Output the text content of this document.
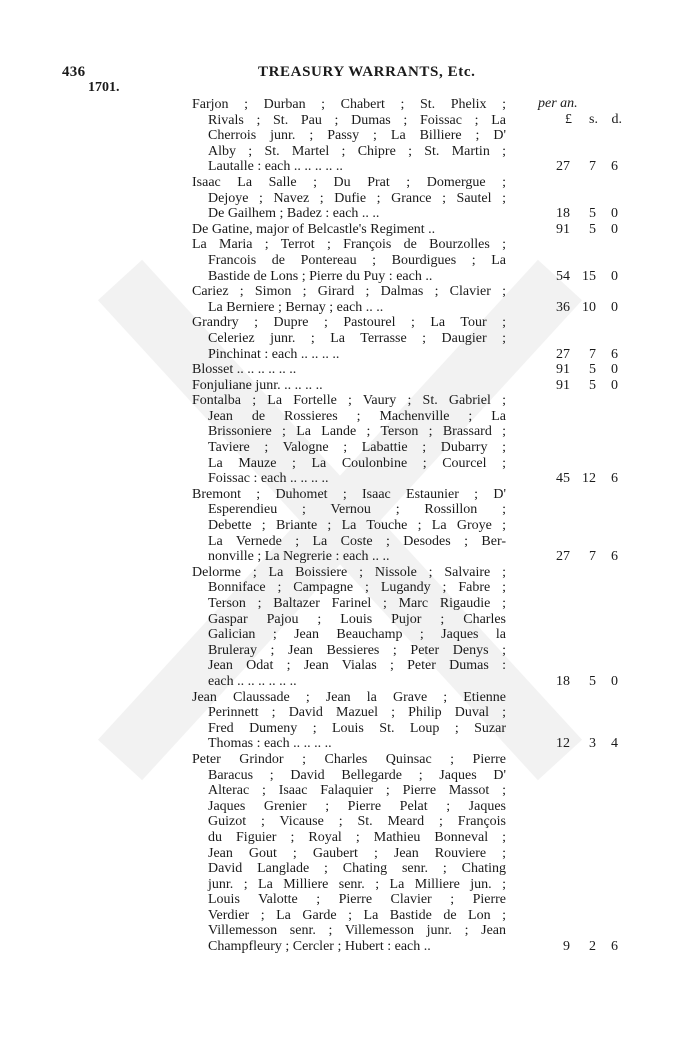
436	TREASURY WARRANTS, Etc.
1701.
per an.
£	s. d.
Farjon ; Durban ; Chabert ; St. Phelix ;
Rivals ; St. Pau ; Dumas ; Foissac ; La
Cherrois junr. ; Passy ; La Billiere ; D'
Alby ; St. Martel ; Chipre ; St. Martin ;
Lautalle : each .. .. .. .. ..	27	7	6
Isaac La Salle ; Du Prat ; Domergue ;
Dejoye ; Navez ; Dufie ; Grance ; Sautel ;
De Gailhem ; Badez : each .. ..	18	5	0
De Gatine, major of Belcastle's Regiment ..	91	5	0
La Maria ; Terrot ; François de Bourzolles ;
Francois de Pontereau ; Bourdigues ; La
Bastide de Lons ; Pierre du Puy : each ..	54 15	0
Cariez ; Simon ; Girard ; Dalmas ; Clavier ;
La Berniere ; Bernay ; each .. ..	36 10	0
Grandry ; Dupre ; Pastourel ; La Tour ;
Celeriez junr. ; La Terrasse ; Daugier ;
Pinchinat : each .. .. .. ..	27	7	6
Blosset .. .. .. .. .. ..	91	5	0
Fonjuliane junr. .. .. .. ..	91	5	0
Fontalba ; La Fortelle ; Vaury ; St. Gabriel ;
Jean de Rossieres ; Machenville ; La
Brissoniere ; La Lande ; Terson ; Brassard ;
Taviere ; Valogne ; Labattie ; Dubarry ;
La Mauze ; La Coulonbine ; Courcel ;
Foissac : each .. .. .. ..	45 12	6
Bremont ; Duhomet ; Isaac Estaunier ; D'
Esperendieu ; Vernou ; Rossillon ;
Debette ; Briante ; La Touche ; La Groye ;
La Vernede ; La Coste ; Desodes ; Ber-
nonville ; La Negrerie : each .. ..	27	7	6
Delorme ; La Boissiere ; Nissole ; Salvaire ;
Bonniface ; Campagne ; Lugandy ; Fabre ;
Terson ; Baltazer Farinel ; Marc Rigaudie ;
Gaspar Pajou ; Louis Pujor ; Charles
Galician ; Jean Beauchamp ; Jaques la
Bruleray ; Jean Bessieres ; Peter Denys ;
Jean Odat ; Jean Vialas ; Peter Dumas :
each .. .. .. .. .. ..	18	5	0
Jean Claussade ; Jean la Grave ; Etienne
Perinnett ; David Mazuel ; Philip Duval ;
Fred Dumeny ; Louis St. Loup ; Suzar
Thomas : each .. .. .. ..	12	3	4
Peter Grindor ; Charles Quinsac ; Pierre
Baracus ; David Bellegarde ; Jaques D'
Alterac ; Isaac Falaquier ; Pierre Massot ;
Jaques Grenier ; Pierre Pelat ; Jaques
Guizot ; Vicause ; St. Meard ; François
du Figuier ; Royal ; Mathieu Bonneval ;
Jean Gout ; Gaubert ; Jean Rouviere ;
David Langlade ; Chating senr. ; Chating
junr. ; La Milliere senr. ; La Milliere jun. ;
Louis Valotte ; Pierre Clavier ; Pierre
Verdier ; La Garde ; La Bastide de Lon ;
Villemesson senr. ; Villemesson junr. ; Jean
Champfleury ; Cercler ; Hubert : each ..	9	2	6
